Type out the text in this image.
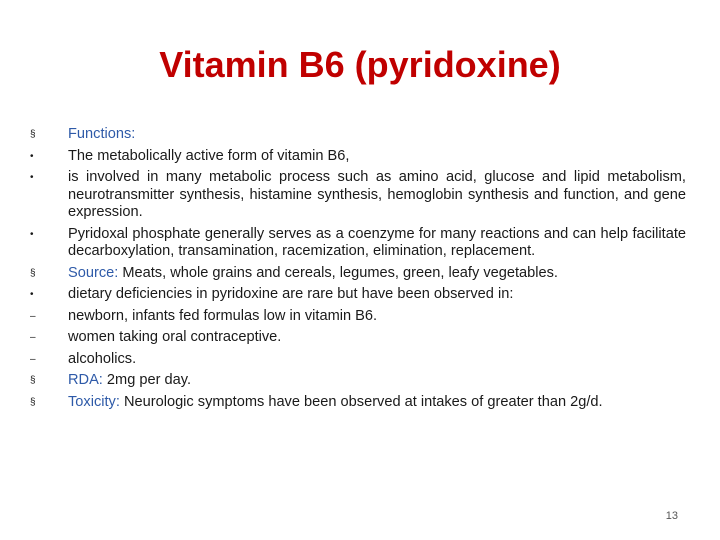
Vitamin B6 (pyridoxine)
§	Functions:
•	The metabolically active form of vitamin B6,
•	is involved in many metabolic process such as amino acid, glucose and lipid metabolism, neurotransmitter synthesis, histamine synthesis, hemoglobin synthesis and function, and gene expression.
•	Pyridoxal phosphate generally serves as a coenzyme for many reactions and can help facilitate decarboxylation, transamination, racemization, elimination, replacement.
§	Source: Meats, whole grains and cereals, legumes, green, leafy vegetables.
•	dietary deficiencies in pyridoxine are rare but have been observed in:
–	newborn, infants fed formulas low in vitamin B6.
–	women taking oral contraceptive.
–	alcoholics.
§	RDA: 2mg per day.
§	Toxicity: Neurologic symptoms have been observed at intakes of greater than 2g/d.
13
